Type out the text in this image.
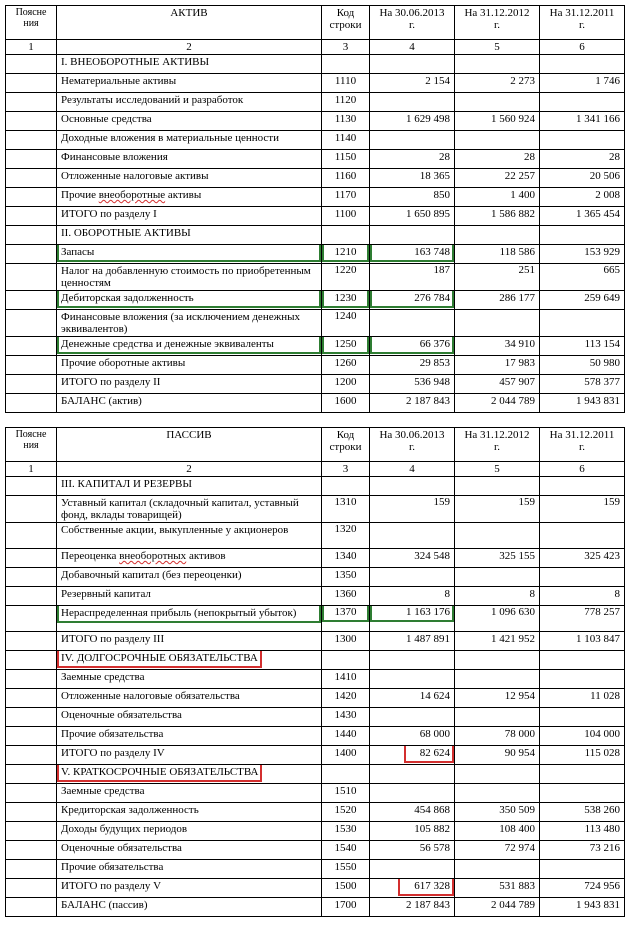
Поясне
ния	АКТИВ	Код
строки	На 30.06.2013
г.	На 31.12.2012
г.	На 31.12.2011
г.
1	2	3	4	5	6
	I. ВНЕОБОРОТНЫЕ АКТИВЫ				
	Нематериальные активы	1110	2 154	2 273	1 746
	Результаты исследований и разработок	1120			
	Основные средства	1130	1 629 498	1 560 924	1 341 166
	Доходные вложения в материальные ценности	1140			
	Финансовые вложения	1150	28	28	28
	Отложенные налоговые активы	1160	18 365	22 257	20 506
	Прочие внеоборотные активы	1170	850	1 400	2 008
	ИТОГО по разделу I	1100	1 650 895	1 586 882	1 365 454
	II. ОБОРОТНЫЕ АКТИВЫ				

	Запасы	1210	163 748	118 586	153 929
	Налог на добавленную стоимость по приобретенным ценностям	1220	187	251	665

	Дебиторская задолженность	1230	276 784	286 177	259 649
	Финансовые вложения (за исключением денежных эквивалентов)	1240			

	Денежные средства и денежные эквиваленты	1250	66 376	34 910	113 154
	Прочие оборотные активы	1260	29 853	17 983	50 980
	ИТОГО по разделу II	1200	536 948	457 907	578 377
	БАЛАНС (актив)	1600	2 187 843	2 044 789	1 943 831
Поясне
ния	ПАССИВ	Код
строки	На 30.06.2013
г.	На 31.12.2012
г.	На 31.12.2011
г.
1	2	3	4	5	6
	III. КАПИТАЛ И РЕЗЕРВЫ				
	Уставный капитал (складочный капитал, уставный фонд, вклады товарищей)	1310	159	159	159
	Собственные акции, выкупленные у акционеров	1320			
	Переоценка внеоборотных активов	1340	324 548	325 155	325 423
	Добавочный капитал (без переоценки)	1350			
	Резервный капитал	1360	8	8	8

	Нераспределенная прибыль (непокрытый убыток)	1370	1 163 176	1 096 630	778 257
	ИТОГО по разделу III	1300	1 487 891	1 421 952	1 103 847
	IV. ДОЛГОСРОЧНЫЕ ОБЯЗАТЕЛЬСТВА				
	Заемные средства	1410			
	Отложенные налоговые обязательства	1420	14 624	12 954	11 028
	Оценочные обязательства	1430			
	Прочие обязательства	1440	68 000	78 000	104 000
	ИТОГО по разделу IV	1400	82 624	90 954	115 028
	V. КРАТКОСРОЧНЫЕ ОБЯЗАТЕЛЬСТВА				
	Заемные средства	1510			
	Кредиторская задолженность	1520	454 868	350 509	538 260
	Доходы будущих периодов	1530	105 882	108 400	113 480
	Оценочные обязательства	1540	56 578	72 974	73 216
	Прочие обязательства	1550			
	ИТОГО по разделу V	1500	617 328	531 883	724 956
	БАЛАНС (пассив)	1700	2 187 843	2 044 789	1 943 831
